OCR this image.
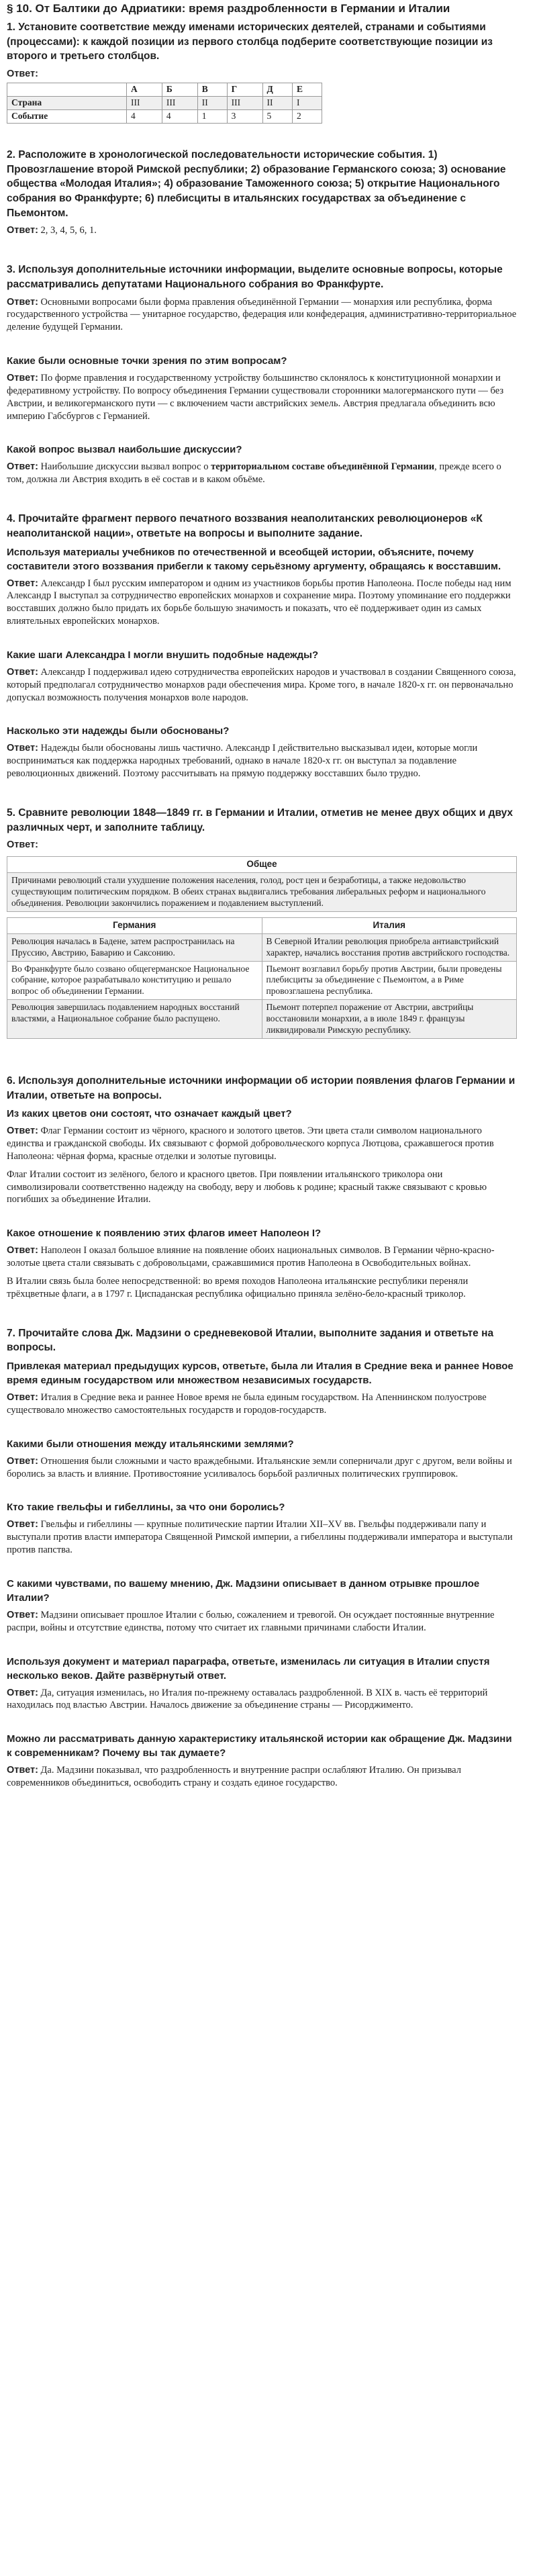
§ 10. От Балтики до Адриатики: время раздробленности в Германии и Италии
1. Установите соответствие между именами исторических деятелей, странами и событиями (процессами): к каждой позиции из первого столбца подберите соответствующие позиции из второго и третьего столбцов.
Ответ:
	А	Б	В	Г	Д	Е
Страна	III	III	II	III	II	I
Событие	4	4	1	3	5	2
2. Расположите в хронологической последовательности исторические события. 1) Провозглашение второй Римской республики; 2) образование Германского союза; 3) основание общества «Молодая Италия»; 4) образование Таможенного союза; 5) открытие Национального собрания во Франкфурте; 6) плебисциты в итальянских государствах за объединение с Пьемонтом.

Ответ: 2, 3, 4, 5, 6, 1.

3. Используя дополнительные источники информации, выделите основные вопросы, которые рассматривались депутатами Национального собрания во Франкфурте.

Ответ: Основными вопросами были форма правления объединённой Германии — монархия или республика, форма государственного устройства — унитарное государство, федерация или конфедерация, административно-территориальное деление будущей Германии.

Какие были основные точки зрения по этим вопросам?

Ответ: По форме правления и государственному устройству большинство склонялось к конституционной монархии и федеративному устройству. По вопросу объединения Германии существовали сторонники малогерманского пути — без Австрии, и великогерманского пути — с включением части австрийских земель. Австрия предлагала объединить всю империю Габсбургов с Германией.

Какой вопрос вызвал наибольшие дискуссии?

Ответ: Наибольшие дискуссии вызвал вопрос о территориальном составе объединённой Германии, прежде всего о том, должна ли Австрия входить в её состав и в каком объёме.

4. Прочитайте фрагмент первого печатного воззвания неаполитанских революционеров «К неаполитанской нации», ответьте на вопросы и выполните задание.
Используя материалы учебников по отечественной и всеобщей истории, объясните, почему составители этого воззвания прибегли к такому серьёзному аргументу, обращаясь к восставшим.

Ответ: Александр I был русским императором и одним из участников борьбы против Наполеона. После победы над ним Александр I выступал за сотрудничество европейских монархов и сохранение мира. Поэтому упоминание его поддержки восставших должно было придать их борьбе большую значимость и показать, что её поддерживает один из самых влиятельных европейских монархов.

Какие шаги Александра I могли внушить подобные надежды?

Ответ: Александр I поддерживал идею сотрудничества европейских народов и участвовал в создании Священного союза, который предполагал сотрудничество монархов ради обеспечения мира. Кроме того, в начале 1820-х гг. он первоначально допускал возможность получения монархов воле народов.

Насколько эти надежды были обоснованы?

Ответ: Надежды были обоснованы лишь частично. Александр I действительно высказывал идеи, которые могли восприниматься как поддержка народных требований, однако в начале 1820-х гг. он выступал за подавление революционных движений. Поэтому рассчитывать на прямую поддержку восставших было трудно.

5. Сравните революции 1848—1849 гг. в Германии и Италии, отметив не менее двух общих и двух различных черт, и заполните таблицу.
Ответ:
Общее
Причинами революций стали ухудшение положения населения, голод, рост цен и безработицы, а также недовольство существующим политическим порядком. В обеих странах выдвигались требования либеральных реформ и национального объединения. Революции закончились поражением и подавлением выступлений.
Германия	Италия
Революция началась в Бадене, затем распространилась на Пруссию, Австрию, Баварию и Саксонию.	В Северной Италии революция приобрела антиавстрийский характер, начались восстания против австрийского господства.
Во Франкфурте было созвано общегерманское Национальное собрание, которое разрабатывало конституцию и решало вопрос об объединении Германии.	Пьемонт возглавил борьбу против Австрии, были проведены плебисциты за объединение с Пьемонтом, а в Риме провозглашена республика.
Революция завершилась подавлением народных восстаний властями, а Национальное собрание было распущено.	Пьемонт потерпел поражение от Австрии, австрийцы восстановили монархии, а в июле 1849 г. французы ликвидировали Римскую республику.
6. Используя дополнительные источники информации об истории появления флагов Германии и Италии, ответьте на вопросы.
Из каких цветов они состоят, что означает каждый цвет?

Ответ: Флаг Германии состоит из чёрного, красного и золотого цветов. Эти цвета стали символом национального единства и гражданской свободы. Их связывают с формой добровольческого корпуса Лютцова, сражавшегося против Наполеона: чёрная форма, красные отделки и золотые пуговицы.

Флаг Италии состоит из зелёного, белого и красного цветов. При появлении итальянского триколора они символизировали соответственно надежду на свободу, веру и любовь к родине; красный также связывают с кровью погибших за объединение Италии.

Какое отношение к появлению этих флагов имеет Наполеон I?

Ответ: Наполеон I оказал большое влияние на появление обоих национальных символов. В Германии чёрно-красно-золотые цвета стали связывать с добровольцами, сражавшимися против Наполеона в Освободительных войнах.

В Италии связь была более непосредственной: во время походов Наполеона итальянские республики переняли трёхцветные флаги, а в 1797 г. Циспаданская республика официально приняла зелёно-бело-красный триколор.

7. Прочитайте слова Дж. Мадзини о средневековой Италии, выполните задания и ответьте на вопросы.
Привлекая материал предыдущих курсов, ответьте, была ли Италия в Средние века и раннее Новое время единым государством или множеством независимых государств.

Ответ: Италия в Средние века и раннее Новое время не была единым государством. На Апеннинском полуострове существовало множество самостоятельных государств и городов-государств.

Какими были отношения между итальянскими землями?

Ответ: Отношения были сложными и часто враждебными. Итальянские земли соперничали друг с другом, вели войны и боролись за власть и влияние. Противостояние усиливалось борьбой различных политических группировок.

Кто такие гвельфы и гибеллины, за что они боролись?

Ответ: Гвельфы и гибеллины — крупные политические партии Италии XII–XV вв. Гвельфы поддерживали папу и выступали против власти императора Священной Римской империи, а гибеллины поддерживали императора и выступали против папства.

С какими чувствами, по вашему мнению, Дж. Мадзини описывает в данном отрывке прошлое Италии?

Ответ: Мадзини описывает прошлое Италии с болью, сожалением и тревогой. Он осуждает постоянные внутренние распри, войны и отсутствие единства, потому что считает их главными причинами слабости Италии.

Используя документ и материал параграфа, ответьте, изменилась ли ситуация в Италии спустя несколько веков. Дайте развёрнутый ответ.

Ответ: Да, ситуация изменилась, но Италия по-прежнему оставалась раздробленной. В XIX в. часть её территорий находилась под властью Австрии. Началось движение за объединение страны — Рисорджименто.

Можно ли рассматривать данную характеристику итальянской истории как обращение Дж. Мадзини к современникам? Почему вы так думаете?

Ответ: Да. Мадзини показывал, что раздробленность и внутренние распри ослабляют Италию. Он призывал современников объединиться, освободить страну и создать единое государство.
